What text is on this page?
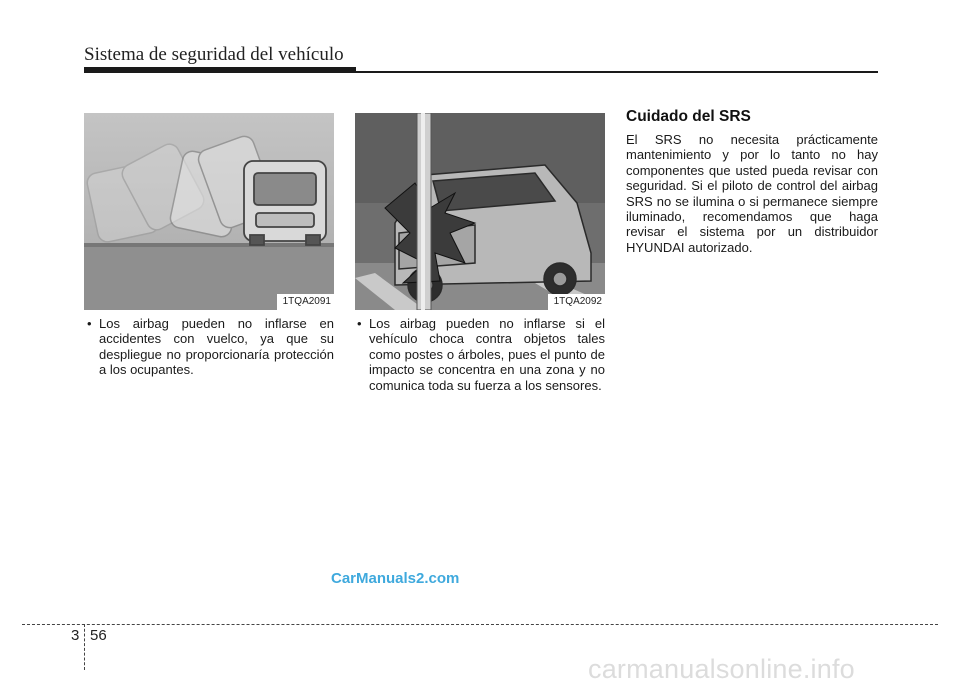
Sistema de seguridad del vehículo
1TQA2091	1TQA2092
• Los airbag pueden no inflarse en accidentes con vuelco, ya que su despliegue no proporcionaría protección a los ocupantes.
• Los airbag pueden no inflarse si el vehículo choca contra objetos tales como postes o árboles, pues el punto de impacto se concentra en una zona y no comunica toda su fuerza a los sensores.
Cuidado del SRS
El SRS no necesita prácticamente mantenimiento y por lo tanto no hay componentes que usted pueda revisar con seguridad. Si el piloto de control del airbag SRS no se ilumina o si permanece siempre iluminado, recomendamos que haga revisar el sistema por un distribuidor HYUNDAI autorizado.
CarManuals2.com
3 56
carmanualsonline.info
